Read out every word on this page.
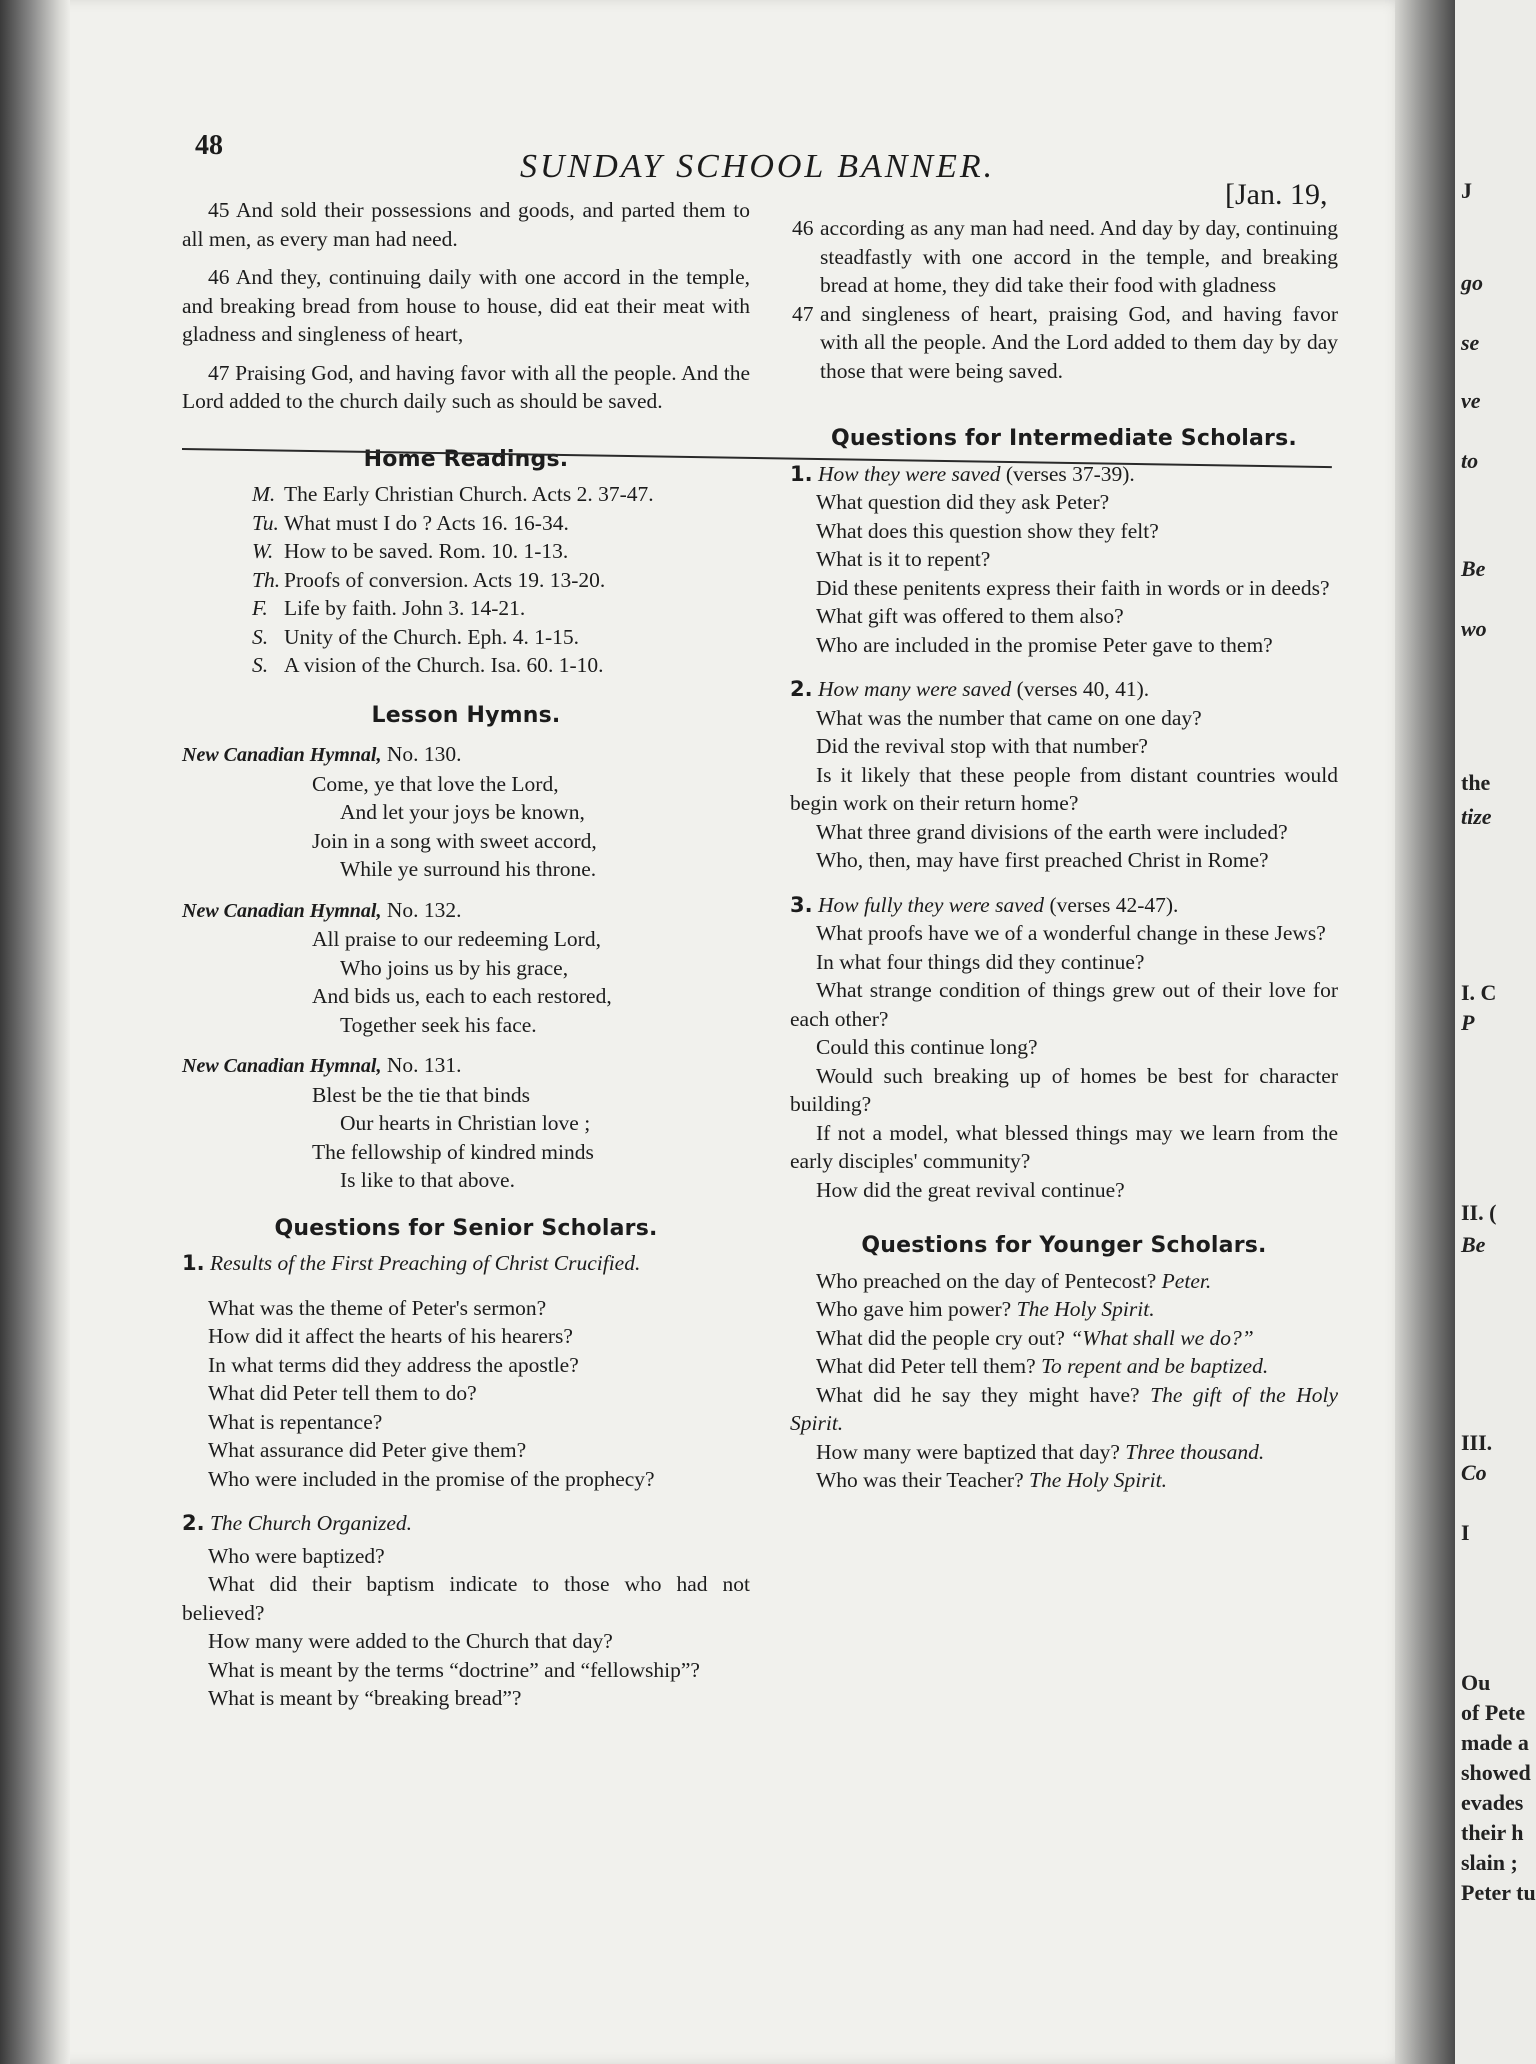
48
SUNDAY SCHOOL BANNER.
[Jan. 19,

45 And sold their possessions and goods, and parted them to all men, as every man had need.

46 And they, continuing daily with one accord in the temple, and breaking bread from house to house, did eat their meat with gladness and singleness of heart,

47 Praising God, and having favor with all the people. And the Lord added to the church daily such as should be saved.

Home Readings.
M. The Early Christian Church. Acts 2. 37-47.
Tu. What must I do ? Acts 16. 16-34.
W. How to be saved. Rom. 10. 1-13.
Th. Proofs of conversion. Acts 19. 13-20.
F. Life by faith. John 3. 14-21.
S. Unity of the Church. Eph. 4. 1-15.
S. A vision of the Church. Isa. 60. 1-10.
Lesson Hymns.
New Canadian Hymnal, No. 130.
Come, ye that love the Lord,
And let your joys be known,
Join in a song with sweet accord,
While ye surround his throne.
New Canadian Hymnal, No. 132.
All praise to our redeeming Lord,
Who joins us by his grace,
And bids us, each to each restored,
Together seek his face.
New Canadian Hymnal, No. 131.
Blest be the tie that binds
Our hearts in Christian love ;
The fellowship of kindred minds
Is like to that above.
Questions for Senior Scholars.

1. Results of the First Preaching of Christ Crucified.

What was the theme of Peter's sermon?

How did it affect the hearts of his hearers?

In what terms did they address the apostle?

What did Peter tell them to do?

What is repentance?

What assurance did Peter give them?

Who were included in the promise of the prophecy?

2. The Church Organized.

Who were baptized?

What did their baptism indicate to those who had not believed?

How many were added to the Church that day?

What is meant by the terms “doctrine” and “fellowship”?

What is meant by “breaking bread”?

46 according as any man had need. And day by day, continuing steadfastly with one accord in the temple, and breaking bread at home, they did take their food with gladness

47 and singleness of heart, praising God, and having favor with all the people. And the Lord added to them day by day those that were being saved.

Questions for Intermediate Scholars.

1. How they were saved (verses 37-39).

What question did they ask Peter?

What does this question show they felt?

What is it to repent?

Did these penitents express their faith in words or in deeds?

What gift was offered to them also?

Who are included in the promise Peter gave to them?

2. How many were saved (verses 40, 41).

What was the number that came on one day?

Did the revival stop with that number?

Is it likely that these people from distant countries would begin work on their return home?

What three grand divisions of the earth were included?

Who, then, may have first preached Christ in Rome?

3. How fully they were saved (verses 42-47).

What proofs have we of a wonderful change in these Jews?

In what four things did they continue?

What strange condition of things grew out of their love for each other?

Could this continue long?

Would such breaking up of homes be best for character building?

If not a model, what blessed things may we learn from the early disciples' community?

How did the great revival continue?

Questions for Younger Scholars.

Who preached on the day of Pentecost? Peter.

Who gave him power? The Holy Spirit.

What did the people cry out? “What shall we do?”

What did Peter tell them? To repent and be baptized.

What did he say they might have? The gift of the Holy Spirit.

How many were baptized that day? Three thousand.

Who was their Teacher? The Holy Spirit.

J
go
se
ve
to
Be
wo
the
tize
I. C
P
II. (
Be
III.
Co
I
Ou
of Pete
made a
showed
evades
their h
slain ;
Peter tu
